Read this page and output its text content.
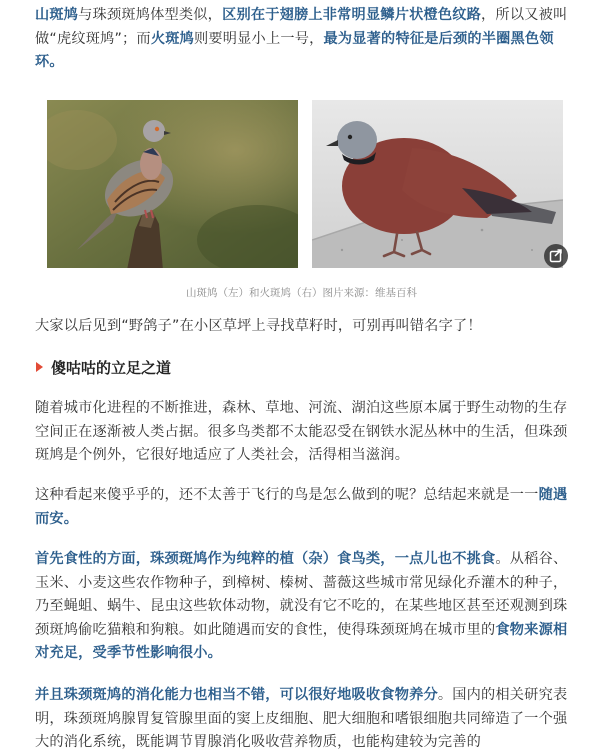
山斑鸠与珠颈斑鸠体型类似，区别在于翅膀上非常明显鳞片状橙色纹路，所以又被叫做“虎纹斑鸠”；而火斑鸠则要明显小上一号，最为显著的特征是后颈的半圈黑色领环。
山斑鸠（左）和火斑鸠（右）图片来源：维基百科
大家以后见到“野鸽子”在小区草坪上寻找草籽时，可别再叫错名字了！
傻咕咕的立足之道
随着城市化进程的不断推进，森林、草地、河流、湖泊这些原本属于野生动物的生存空间正在逐渐被人类占据。很多鸟类都不太能忍受在钢铁水泥丛林中的生活，但珠颈斑鸠是个例外，它很好地适应了人类社会，活得相当滋润。
这种看起来傻乎乎的，还不太善于飞行的鸟是怎么做到的呢？总结起来就是一一随遇而安。
首先食性的方面，珠颈斑鸠作为纯粹的植（杂）食鸟类，一点儿也不挑食。从稻谷、玉米、小麦这些农作物种子，到樟树、榛树、蔷薇这些城市常见绿化乔灌木的种子，乃至蝇蛆、蜗牛、昆虫这些软体动物，就没有它不吃的，在某些地区甚至还观测到珠颈斑鸠偷吃猫粮和狗粮。如此随遇而安的食性，使得珠颈斑鸠在城市里的食物来源相对充足，受季节性影响很小。
并且珠颈斑鸠的消化能力也相当不错，可以很好地吸收食物养分。国内的相关研究表明，珠颈斑鸠腺胃复管腺里面的窦上皮细胞、肥大细胞和嗜银细胞共同缔造了一个强大的消化系统，既能调节胃腺消化吸收营养物质，也能构建较为完善的
